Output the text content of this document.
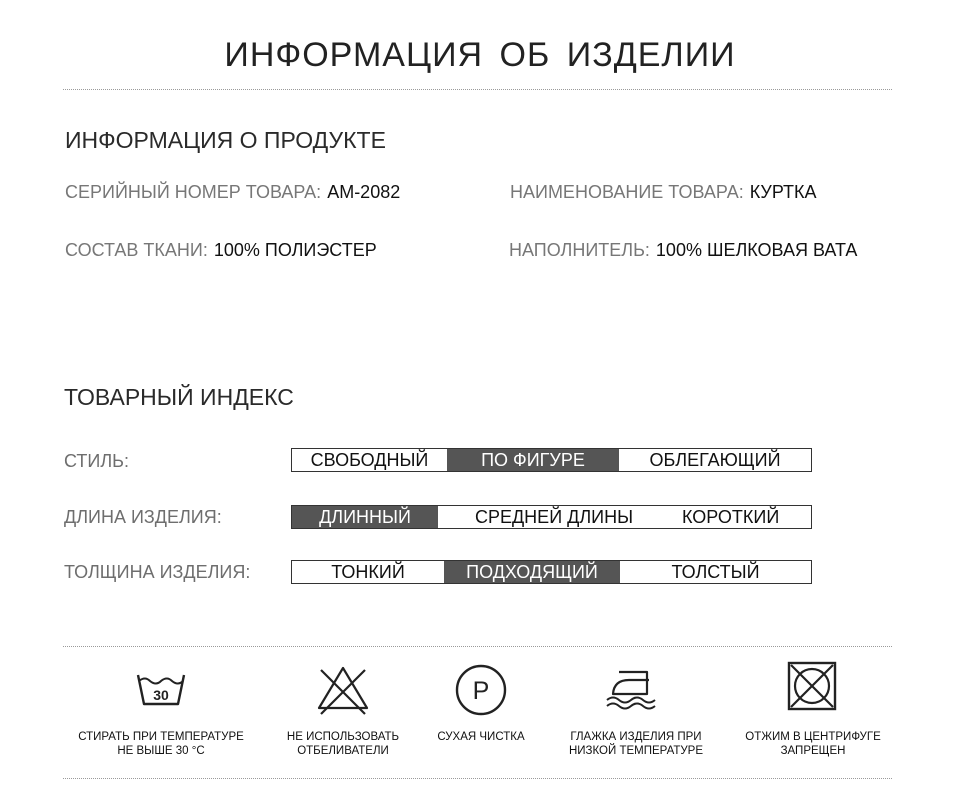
ИНФОРМАЦИЯ ОБ ИЗДЕЛИИ
ИНФОРМАЦИЯ О ПРОДУКТЕ
СЕРИЙНЫЙ НОМЕР ТОВАРА: AM-2082	НАИМЕНОВАНИЕ ТОВАРА: КУРТКА
СОСТАВ ТКАНИ: 100% ПОЛИЭСТЕР	НАПОЛНИТЕЛЬ: 100% ШЕЛКОВАЯ ВАТА
ТОВАРНЫЙ ИНДЕКС
СТИЛЬ:	СВОБОДНЫЙ	ПО ФИГУРЕ	ОБЛЕГАЮЩИЙ
ДЛИНА ИЗДЕЛИЯ:	ДЛИННЫЙ	СРЕДНЕЙ ДЛИНЫ	КОРОТКИЙ
ТОЛЩИНА ИЗДЕЛИЯ:	ТОНКИЙ	ПОДХОДЯЩИЙ	ТОЛСТЫЙ
30	P
СТИРАТЬ ПРИ ТЕМПЕРАТУРЕ
НЕ ВЫШЕ 30 °C
НЕ ИСПОЛЬЗОВАТЬ
ОТБЕЛИВАТЕЛИ
СУХАЯ ЧИСТКА	ГЛАЖКА ИЗДЕЛИЯ ПРИ
НИЗКОЙ ТЕМПЕРАТУРЕ
ОТЖИМ В ЦЕНТРИФУГЕ
ЗАПРЕЩЕН
